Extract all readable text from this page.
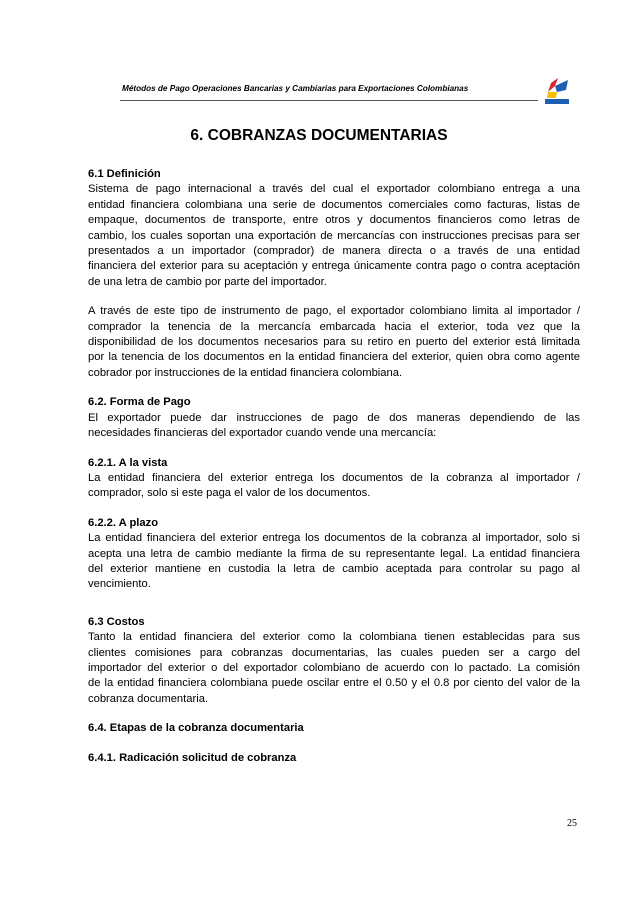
Métodos de Pago Operaciones Bancarias y Cambiarias para Exportaciones Colombianas
6. COBRANZAS DOCUMENTARIAS

6.1 Definición

Sistema de pago internacional a través del cual el exportador colombiano entrega a una
entidad financiera colombiana una serie de documentos comerciales como facturas, listas de
empaque, documentos de transporte, entre otros y documentos financieros como letras de
cambio, los cuales soportan una exportación de mercancías con instrucciones precisas para ser
presentados a un importador (comprador) de manera directa o a través de una entidad
financiera del exterior para su aceptación y entrega únicamente contra pago o contra aceptación
de una letra de cambio por parte del importador.
A través de este tipo de instrumento de pago, el exportador colombiano limita al importador /
comprador la tenencia de la mercancía embarcada hacia el exterior, toda vez que la
disponibilidad de los documentos necesarios para su retiro en puerto del exterior está limitada
por la tenencia de los documentos en la entidad financiera del exterior, quien obra como agente
cobrador por instrucciones de la entidad financiera colombiana.

6.2. Forma de Pago

El exportador puede dar instrucciones de pago de dos maneras dependiendo de las
necesidades financieras del exportador cuando vende una mercancía:

6.2.1. A la vista

La entidad financiera del exterior entrega los documentos de la cobranza al importador /
comprador, solo si este paga el valor de los documentos.

6.2.2. A plazo

La entidad financiera del exterior entrega los documentos de la cobranza al importador, solo si
acepta una letra de cambio mediante la firma de su representante legal. La entidad financiera
del exterior mantiene en custodia la letra de cambio aceptada para controlar su pago al
vencimiento.

6.3 Costos

Tanto la entidad financiera del exterior como la colombiana tienen establecidas para sus
clientes comisiones para cobranzas documentarias, las cuales pueden ser a cargo del
importador del exterior o del exportador colombiano de acuerdo con lo pactado. La comisión
de la entidad financiera colombiana puede oscilar entre el 0.50 y el 0.8 por ciento del valor de la
cobranza documentaria.

6.4. Etapas de la cobranza documentaria

6.4.1. Radicación solicitud de cobranza

25
